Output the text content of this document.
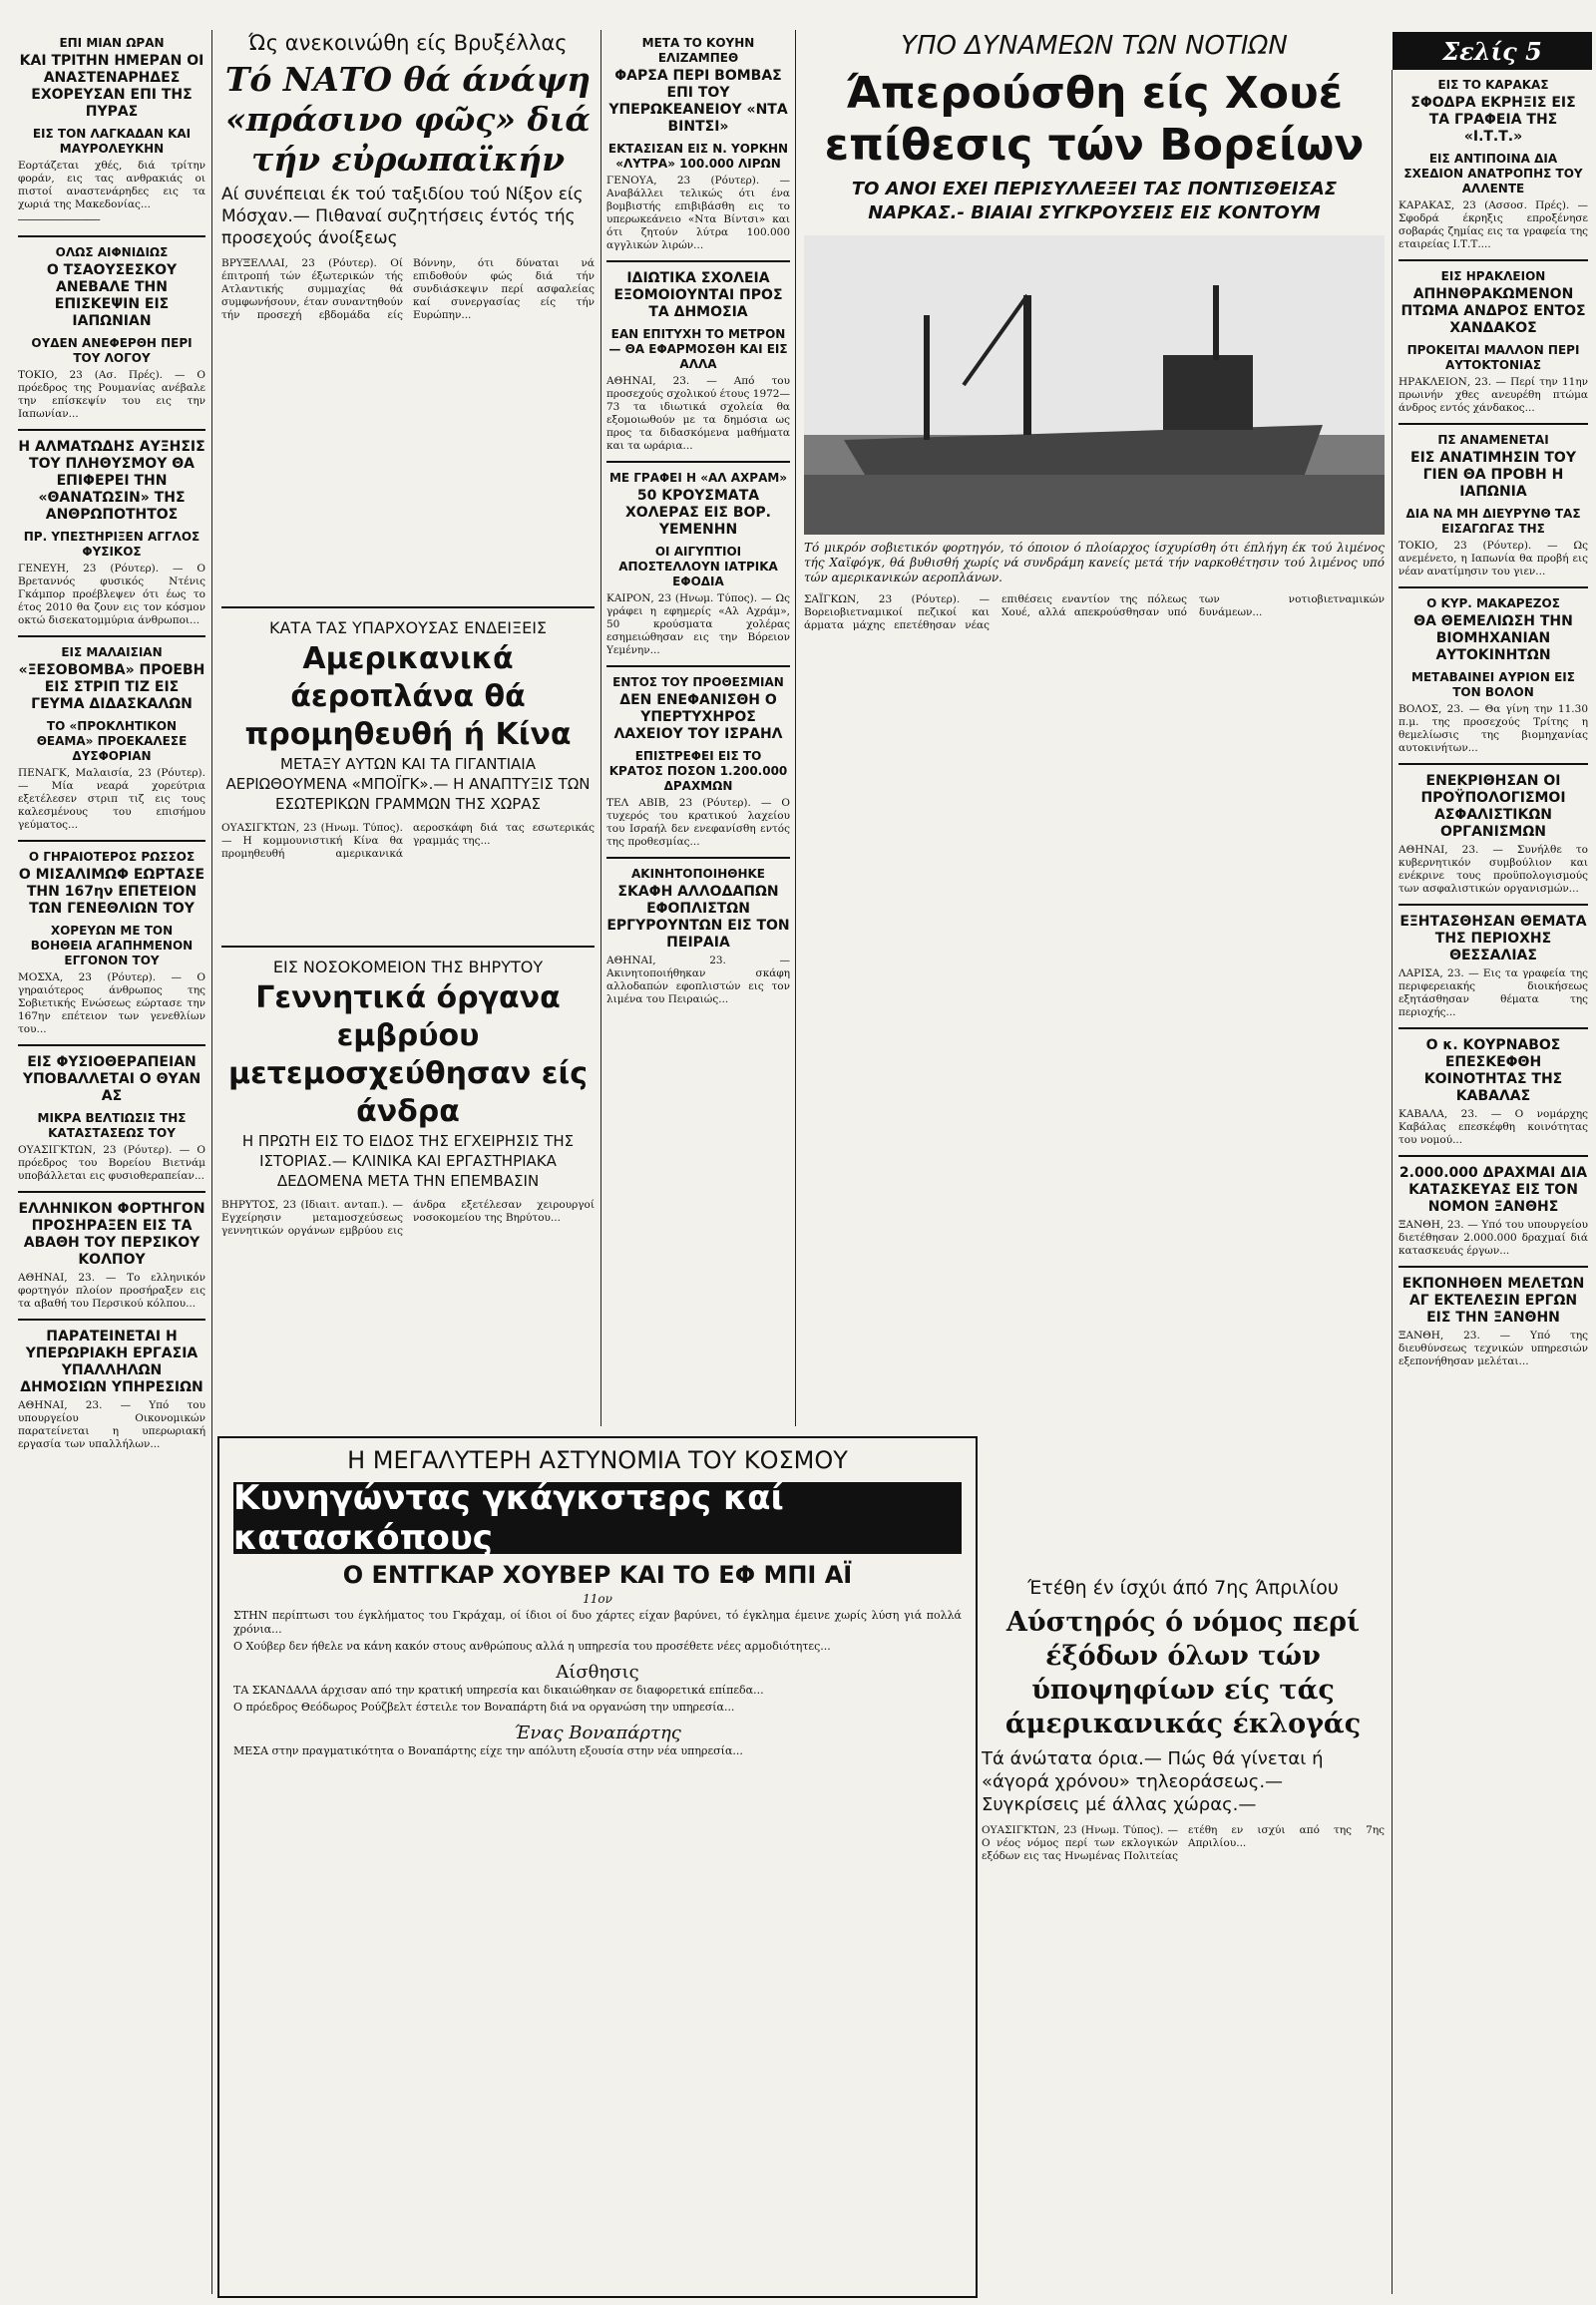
Σελίς 5
ΕΠΙ ΜΙΑΝ ΩΡΑΝ
ΚΑΙ ΤΡΙΤΗΝ ΗΜΕΡΑΝ ΟΙ ΑΝΑΣΤΕΝΑΡΗΔΕΣ ΕΧΟΡΕΥΣΑΝ ΕΠΙ ΤΗΣ ΠΥΡΑΣ
ΕΙΣ ΤΟΝ ΛΑΓΚΑΔΑΝ ΚΑΙ ΜΑΥΡΟΛΕΥΚΗΝ
Εορτάζεται χθές, διά τρίτην φοράν, εις τας ανθρακιάς οι πιστοί αναστενάρηδες εις τα χωριά της Μακεδονίας...
─────────────
ΟΛΩΣ ΑΙΦΝΙΔΙΩΣ
Ο ΤΣΑΟΥΣΕΣΚΟΥ ΑΝΕΒΑΛΕ ΤΗΝ ΕΠΙΣΚΕΨΙΝ ΕΙΣ ΙΑΠΩΝΙΑΝ
ΟΥΔΕΝ ΑΝΕΦΕΡΘΗ ΠΕΡΙ ΤΟΥ ΛΟΓΟΥ
ΤΟΚΙΟ, 23 (Ασ. Πρές). — Ο πρόεδρος της Ρουμανίας ανέβαλε την επίσκεψίν του εις την Ιαπωνίαν...
Η ΑΛΜΑΤΩΔΗΣ ΑΥΞΗΣΙΣ ΤΟΥ ΠΛΗΘΥΣΜΟΥ ΘΑ ΕΠΙΦΕΡΕΙ ΤΗΝ «ΘΑΝΑΤΩΣΙΝ» ΤΗΣ ΑΝΘΡΩΠΟΤΗΤΟΣ
ΠΡ. ΥΠΕΣΤΗΡΙΞΕΝ ΑΓΓΛΟΣ ΦΥΣΙΚΟΣ
ΓΕΝΕΥΗ, 23 (Ρόυτερ). — Ο Βρεταννός φυσικός Ντένις Γκάμπορ προέβλεψεν ότι έως το έτος 2010 θα ζουν εις τον κόσμον οκτώ δισεκατομμύρια άνθρωποι...
ΕΙΣ ΜΑΛΑΙΣΙΑΝ
«ΞΕΣΟΒΟΜΒΑ» ΠΡΟΕΒΗ ΕΙΣ ΣΤΡΙΠ ΤΙΖ ΕΙΣ ΓΕΥΜΑ ΔΙΔΑΣΚΑΛΩΝ
ΤΟ «ΠΡΟΚΛΗΤΙΚΟΝ ΘΕΑΜΑ» ΠΡΟΕΚΑΛΕΣΕ ΔΥΣΦΟΡΙΑΝ
ΠΕΝΑΓΚ, Μαλαισία, 23 (Ρόυτερ). — Μία νεαρά χορεύτρια εξετέλεσεν στριπ τιζ εις τους καλεσμένους του επισήμου γεύματος...
Ο ΓΗΡΑΙΟΤΕΡΟΣ ΡΩΣΣΟΣ
Ο ΜΙΣΑΛΙΜΩΦ ΕΩΡΤΑΣΕ ΤΗΝ 167ην ΕΠΕΤΕΙΟΝ ΤΩΝ ΓΕΝΕΘΛΙΩΝ ΤΟΥ
ΧΟΡΕΥΩΝ ΜΕ ΤΟΝ ΒΟΗΘΕΙΑ ΑΓΑΠΗΜΕΝΟΝ ΕΓΓΟΝΟΝ ΤΟΥ
ΜΟΣΧΑ, 23 (Ρόυτερ). — Ο γηραιότερος άνθρωπος της Σοβιετικής Ενώσεως εώρτασε την 167ην επέτειον των γενεθλίων του...
ΕΙΣ ΦΥΣΙΟΘΕΡΑΠΕΙΑΝ ΥΠΟΒΑΛΛΕΤΑΙ Ο ΘΥΑΝ ΑΣ
ΜΙΚΡΑ ΒΕΛΤΙΩΣΙΣ ΤΗΣ ΚΑΤΑΣΤΑΣΕΩΣ ΤΟΥ
ΟΥΑΣΙΓΚΤΩΝ, 23 (Ρόυτερ). — Ο πρόεδρος του Βορείου Βιετνάμ υποβάλλεται εις φυσιοθεραπείαν...
ΕΛΛΗΝΙΚΟΝ ΦΟΡΤΗΓΟΝ ΠΡΟΣΗΡΑΞΕΝ ΕΙΣ ΤΑ ΑΒΑΘΗ ΤΟΥ ΠΕΡΣΙΚΟΥ ΚΟΛΠΟΥ
ΑΘΗΝΑΙ, 23. — Το ελληνικόν φορτηγόν πλοίον προσήραξεν εις τα αβαθή του Περσικού κόλπου...
ΠΑΡΑΤΕΙΝΕΤΑΙ Η ΥΠΕΡΩΡΙΑΚΗ ΕΡΓΑΣΙΑ ΥΠΑΛΛΗΛΩΝ ΔΗΜΟΣΙΩΝ ΥΠΗΡΕΣΙΩΝ
ΑΘΗΝΑΙ, 23. — Υπό του υπουργείου Οικονομικών παρατείνεται η υπερωριακή εργασία των υπαλλήλων...
Ώς ανεκοινώθη είς Βρυξέλλας
Τό ΝΑΤΟ θά άνάψη «πράσινο φῶς» διά τήν εὐρωπαϊκήν
Αί συνέπειαι έκ τού ταξιδίου τού Νίξον είς Μόσχαν.— Πιθαναί συζητήσεις έντός τής προσεχούς άνοίξεως
ΒΡΥΞΕΛΛΑΙ, 23 (Ρόυτερ). Οί έπιτροπή τών έξωτερικών τής Ατλαντικής συμμαχίας θά συμφωνήσουν, έταν συναντηθούν τήν προσεχή εβδομάδα είς Βόννην, ότι δύναται νά επιδοθούν φώς διά τήν συνδιάσκεψιν περί ασφαλείας καί συνεργασίας είς τήν Ευρώπην...
ΜΕΤΑ ΤΟ ΚΟΥΗΝ ΕΛΙΖΑΜΠΕΘ
ΦΑΡΣΑ ΠΕΡΙ ΒΟΜΒΑΣ ΕΠΙ ΤΟΥ ΥΠΕΡΩΚΕΑΝΕΙΟΥ «ΝΤΑ ΒΙΝΤΣΙ»
ΕΚΤΑΣΙΣΑΝ ΕΙΣ Ν. ΥΟΡΚΗΝ «ΛΥΤΡΑ» 100.000 ΛΙΡΩΝ
ΓΕΝΟΥΑ, 23 (Ρόυτερ). — Αναβάλλει τελικώς ότι ένα βομβιστής επιβιβάσθη εις το υπερωκεάνειο «Ντα Βίντσι» και ότι ζητούν λύτρα 100.000 αγγλικών λιρών...
ΙΔΙΩΤΙΚΑ ΣΧΟΛΕΙΑ ΕΞΟΜΟΙΟΥΝΤΑΙ ΠΡΟΣ ΤΑ ΔΗΜΟΣΙΑ
ΕΑΝ ΕΠΙΤΥΧΗ ΤΟ ΜΕΤΡΟΝ — ΘΑ ΕΦΑΡΜΟΣΘΗ ΚΑΙ ΕΙΣ ΑΛΛΑ
ΑΘΗΝΑΙ, 23. — Από του προσεχούς σχολικού έτους 1972—73 τα ιδιωτικά σχολεία θα εξομοιωθούν με τα δημόσια ως προς τα διδασκόμενα μαθήματα και τα ωράρια...
ΜΕ ΓΡΑΦΕΙ Η «ΑΛ ΑΧΡΑΜ»
50 ΚΡΟΥΣΜΑΤΑ ΧΟΛΕΡΑΣ ΕΙΣ ΒΟΡ. ΥΕΜΕΝΗΝ
ΟΙ ΑΙΓΥΠΤΙΟΙ ΑΠΟΣΤΕΛΛΟΥΝ ΙΑΤΡΙΚΑ ΕΦΟΔΙΑ
ΚΑΙΡΟΝ, 23 (Ηνωμ. Τύπος). — Ως γράφει η εφημερίς «Αλ Αχράμ», 50 κρούσματα χολέρας εσημειώθησαν εις την Βόρειον Υεμένην...
ΕΝΤΟΣ ΤΟΥ ΠΡΟΘΕΣΜΙΑΝ
ΔΕΝ ΕΝΕΦΑΝΙΣΘΗ Ο ΥΠΕΡΤΥΧΗΡΟΣ ΛΑΧΕΙΟΥ ΤΟΥ ΙΣΡΑΗΛ
ΕΠΙΣΤΡΕΦΕΙ ΕΙΣ ΤΟ ΚΡΑΤΟΣ ΠΟΣΟΝ 1.200.000 ΔΡΑΧΜΩΝ
ΤΕΛ ΑΒΙΒ, 23 (Ρόυτερ). — Ο τυχερός του κρατικού λαχείου του Ισραήλ δεν ενεφανίσθη εντός της προθεσμίας...
ΑΚΙΝΗΤΟΠΟΙΗΘΗΚΕ
ΣΚΑΦΗ ΑΛΛΟΔΑΠΩΝ ΕΦΟΠΛΙΣΤΩΝ ΕΡΓΥΡΟΥΝΤΩΝ ΕΙΣ ΤΟΝ ΠΕΙΡΑΙΑ
ΑΘΗΝΑΙ, 23. — Ακινητοποιήθηκαν σκάφη αλλοδαπών εφοπλιστών εις τον λιμένα του Πειραιώς...
ΚΑΤΑ ΤΑΣ ΥΠΑΡΧΟΥΣΑΣ ΕΝΔΕΙΞΕΙΣ
Αμερικανικά άεροπλάνα θά προμηθευθή ή Κίνα
ΜΕΤΑΞΥ ΑΥΤΩΝ ΚΑΙ ΤΑ ΓΙΓΑΝΤΙΑΙΑ ΑΕΡΙΩΘΟΥΜΕΝΑ «ΜΠΟΪΓΚ».— Η ΑΝΑΠΤΥΞΙΣ ΤΩΝ ΕΣΩΤΕΡΙΚΩΝ ΓΡΑΜΜΩΝ ΤΗΣ ΧΩΡΑΣ
ΟΥΑΣΙΓΚΤΩΝ, 23 (Ηνωμ. Τύπος). — Η κομμουνιστική Κίνα θα προμηθευθή αμερικανικά αεροσκάφη διά τας εσωτερικάς γραμμάς της...
ΕΙΣ ΝΟΣΟΚΟΜΕΙΟΝ ΤΗΣ ΒΗΡΥΤΟΥ
Γεννητικά όργανα εμβρύου μετεμοσχεύθησαν είς άνδρα
Η ΠΡΩΤΗ ΕΙΣ ΤΟ ΕΙΔΟΣ ΤΗΣ ΕΓΧΕΙΡΗΣΙΣ ΤΗΣ ΙΣΤΟΡΙΑΣ.— ΚΛΙΝΙΚΑ ΚΑΙ ΕΡΓΑΣΤΗΡΙΑΚΑ ΔΕΔΟΜΕΝΑ ΜΕΤΑ ΤΗΝ ΕΠΕΜΒΑΣΙΝ
ΒΗΡΥΤΟΣ, 23 (Ιδιαιτ. ανταπ.). — Εγχείρησιν μεταμοσχεύσεως γεννητικών οργάνων εμβρύου εις άνδρα εξετέλεσαν χειρουργοί νοσοκομείου της Βηρύτου...
ΥΠΟ ΔΥΝΑΜΕΩΝ ΤΩΝ ΝΟΤΙΩΝ
Άπερούσθη είς Χουέ επίθεσις τών Βορείων
ΤΟ ΑΝΟΙ ΕΧΕΙ ΠΕΡΙΣΥΛΛΕΞΕΙ ΤΑΣ ΠΟΝΤΙΣΘΕΙΣΑΣ ΝΑΡΚΑΣ.- ΒΙΑΙΑΙ ΣΥΓΚΡΟΥΣΕΙΣ ΕΙΣ ΚΟΝΤΟΥΜ
Τό μικρόν σοβιετικόν φορτηγόν, τό όποιον ό πλοίαρχος ίσχυρίσθη ότι έπλήγη έκ τού λιμένος τής Χαϊφόγκ, θά βυθισθή χωρίς νά συνδράμη κανείς μετά τήν ναρκοθέτησιν τού λιμένος υπό τών αμερικανικών αεροπλάνων.
ΣΑΪΓΚΩΝ, 23 (Ρόυτερ). — Βορειοβιετναμικοί πεζικοί και άρματα μάχης επετέθησαν νέας επιθέσεις εναντίον της πόλεως Χουέ, αλλά απεκρούσθησαν υπό των νοτιοβιετναμικών δυνάμεων...
ΕΙΣ ΤΟ ΚΑΡΑΚΑΣ
ΣΦΟΔΡΑ ΕΚΡΗΞΙΣ ΕΙΣ ΤΑ ΓΡΑΦΕΙΑ ΤΗΣ «Ι.Τ.Τ.»
ΕΙΣ ΑΝΤΙΠΟΙΝΑ ΔΙΑ ΣΧΕΔΙΟΝ ΑΝΑΤΡΟΠΗΣ ΤΟΥ ΑΛΛΕΝΤΕ
ΚΑΡΑΚΑΣ, 23 (Ασσοσ. Πρές). — Σφοδρά έκρηξις επροξένησε σοβαράς ζημίας εις τα γραφεία της εταιρείας Ι.Τ.Τ....
ΕΙΣ ΗΡΑΚΛΕΙΟΝ
ΑΠΗΝΘΡΑΚΩΜΕΝΟΝ ΠΤΩΜΑ ΑΝΔΡΟΣ ΕΝΤΟΣ ΧΑΝΔΑΚΟΣ
ΠΡΟΚΕΙΤΑΙ ΜΑΛΛΟΝ ΠΕΡΙ ΑΥΤΟΚΤΟΝΙΑΣ
ΗΡΑΚΛΕΙΟΝ, 23. — Περί την 11ην πρωινήν χθες ανευρέθη πτώμα άνδρος εντός χάνδακος...
ΠΣ ΑΝΑΜΕΝΕΤΑΙ
ΕΙΣ ΑΝΑΤΙΜΗΣΙΝ ΤΟΥ ΓΙΕΝ ΘΑ ΠΡΟΒΗ Η ΙΑΠΩΝΙΑ
ΔΙΑ ΝΑ ΜΗ ΔΙΕΥΡΥΝΘ ΤΑΣ ΕΙΣΑΓΩΓΑΣ ΤΗΣ
ΤΟΚΙΟ, 23 (Ρόυτερ). — Ως ανεμένετο, η Ιαπωνία θα προβή εις νέαν ανατίμησιν του γιεν...
Ο ΚΥΡ. ΜΑΚΑΡΕΖΟΣ
ΘΑ ΘΕΜΕΛΙΩΣΗ ΤΗΝ ΒΙΟΜΗΧΑΝΙΑΝ ΑΥΤΟΚΙΝΗΤΩΝ
ΜΕΤΑΒΑΙΝΕΙ ΑΥΡΙΟΝ ΕΙΣ ΤΟΝ ΒΟΛΟΝ
ΒΟΛΟΣ, 23. — Θα γίνη την 11.30 π.μ. της προσεχούς Τρίτης η θεμελίωσις της βιομηχανίας αυτοκινήτων...
ΕΝΕΚΡΙΘΗΣΑΝ ΟΙ ΠΡΟΫΠΟΛΟΓΙΣΜΟΙ ΑΣΦΑΛΙΣΤΙΚΩΝ ΟΡΓΑΝΙΣΜΩΝ
ΑΘΗΝΑΙ, 23. — Συνήλθε το κυβερνητικόν συμβούλιον και ενέκρινε τους προϋπολογισμούς των ασφαλιστικών οργανισμών...
ΕΞΗΤΑΣΘΗΣΑΝ ΘΕΜΑΤΑ ΤΗΣ ΠΕΡΙΟΧΗΣ ΘΕΣΣΑΛΙΑΣ
ΛΑΡΙΣΑ, 23. — Εις τα γραφεία της περιφερειακής διοικήσεως εξητάσθησαν θέματα της περιοχής...
Ο κ. ΚΟΥΡΝΑΒΟΣ ΕΠΕΣΚΕΦΘΗ ΚΟΙΝΟΤΗΤΑΣ ΤΗΣ ΚΑΒΑΛΑΣ
ΚΑΒΑΛΑ, 23. — Ο νομάρχης Καβάλας επεσκέφθη κοινότητας του νομού...
2.000.000 ΔΡΑΧΜΑΙ ΔΙΑ ΚΑΤΑΣΚΕΥΑΣ ΕΙΣ ΤΟΝ ΝΟΜΟΝ ΞΑΝΘΗΣ
ΞΑΝΘΗ, 23. — Υπό του υπουργείου διετέθησαν 2.000.000 δραχμαί διά κατασκευάς έργων...
ΕΚΠΟΝΗΘΕΝ ΜΕΛΕΤΩΝ ΑΓ ΕΚΤΕΛΕΣΙΝ ΕΡΓΩΝ ΕΙΣ ΤΗΝ ΞΑΝΘΗΝ
ΞΑΝΘΗ, 23. — Υπό της διευθύνσεως τεχνικών υπηρεσιών εξεπονήθησαν μελέται...
Η ΜΕΓΑΛΥΤΕΡΗ ΑΣΤΥΝΟΜΙΑ ΤΟΥ ΚΟΣΜΟΥ
Κυνηγώντας γκάγκστερς καί κατασκόπους
Ο ΕΝΤΓΚΑΡ ΧΟΥΒΕΡ ΚΑΙ ΤΟ ΕΦ ΜΠΙ ΑΪ
11ον
ΣΤΗΝ περίπτωσι του έγκλήματος του Γκράχαμ, οί ίδιοι οί δυο χάρτες είχαν βαρύνει, τό έγκλημα έμεινε χωρίς λύση γιά πολλά χρόνια...
Ο Χούβερ δεν ήθελε να κάνη κακόν στους ανθρώπους αλλά η υπηρεσία του προσέθετε νέες αρμοδιότητες...
Αίσθησις
ΤΑ ΣΚΑΝΔΑΛΑ άρχισαν από την κρατική υπηρεσία και δικαιώθηκαν σε διαφορετικά επίπεδα...
Ο πρόεδρος Θεόδωρος Ρούζβελτ έστειλε τον Βοναπάρτη διά να οργανώση την υπηρεσία...
Ένας Βοναπάρτης
ΜΕΣΑ στην πραγματικότητα ο Βοναπάρτης είχε την απόλυτη εξουσία στην νέα υπηρεσία...
Έτέθη έν ίσχύι άπό 7ης Άπριλίου
Αύστηρός ό νόμος περί έξόδων όλων τών ύποψηφίων είς τάς άμερικανικάς έκλογάς
Τά άνώτατα όρια.— Πώς θά γίνεται ή «άγορά χρόνου» τηλεοράσεως.— Συγκρίσεις μέ άλλας χώρας.—
ΟΥΑΣΙΓΚΤΩΝ, 23 (Ηνωμ. Τύπος). — Ο νέος νόμος περί των εκλογικών εξόδων εις τας Ηνωμένας Πολιτείας ετέθη εν ισχύι από της 7ης Απριλίου...
